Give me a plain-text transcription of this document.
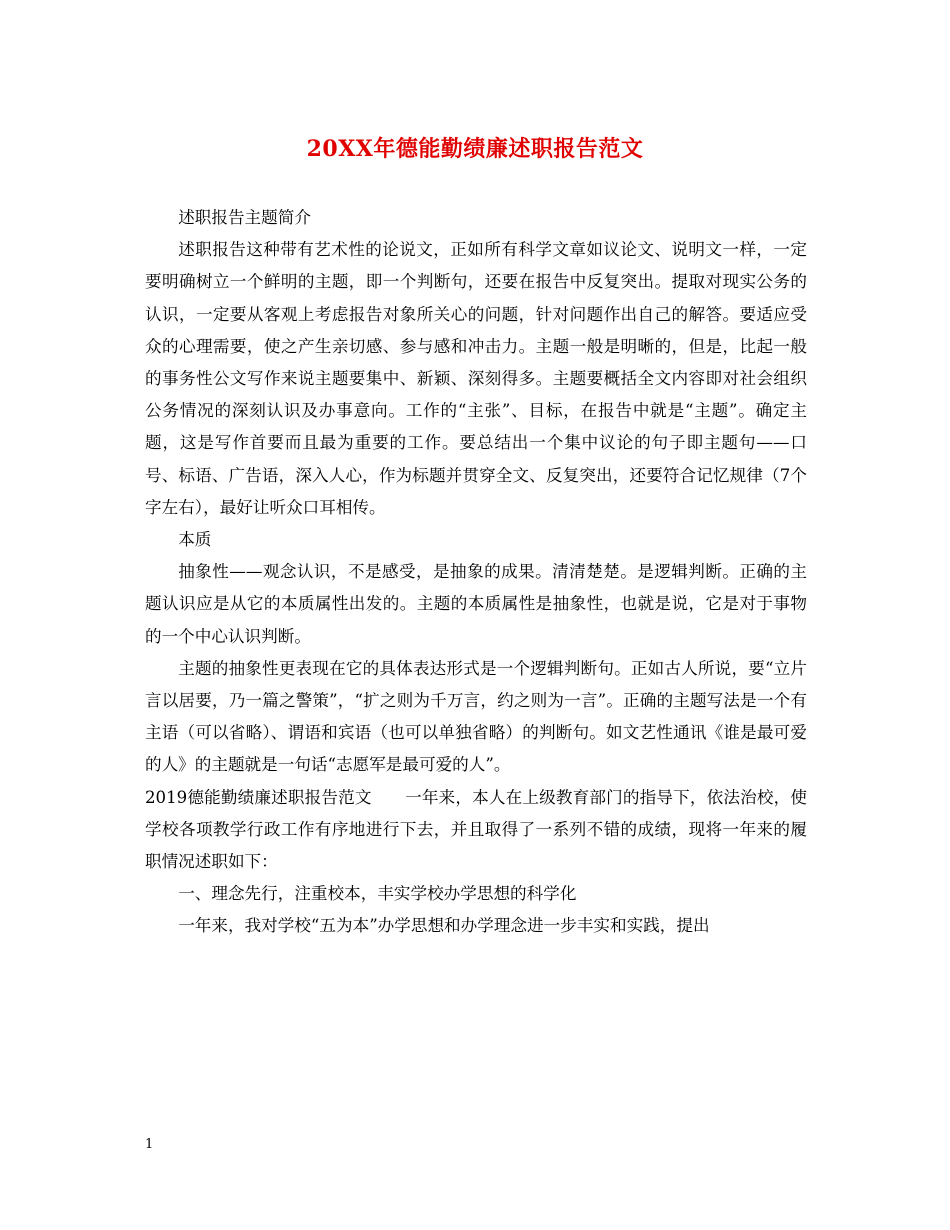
20XX年德能勤绩廉述职报告范文

述职报告主题简介

述职报告这种带有艺术性的论说文，正如所有科学文章如议论文、说明文一样，一定要明确树立一个鲜明的主题，即一个判断句，还要在报告中反复突出。提取对现实公务的认识，一定要从客观上考虑报告对象所关心的问题，针对问题作出自己的解答。要适应受众的心理需要，使之产生亲切感、参与感和冲击力。主题一般是明晰的，但是，比起一般的事务性公文写作来说主题要集中、新颖、深刻得多。主题要概括全文内容即对社会组织公务情况的深刻认识及办事意向。工作的“主张”、目标，在报告中就是“主题”。确定主题，这是写作首要而且最为重要的工作。要总结出一个集中议论的句子即主题句——口号、标语、广告语，深入人心，作为标题并贯穿全文、反复突出，还要符合记忆规律（7个字左右），最好让听众口耳相传。

本质

抽象性——观念认识，不是感受，是抽象的成果。清清楚楚。是逻辑判断。正确的主题认识应是从它的本质属性出发的。主题的本质属性是抽象性，也就是说，它是对于事物的一个中心认识判断。

主题的抽象性更表现在它的具体表达形式是一个逻辑判断句。正如古人所说，要“立片言以居要，乃一篇之警策”，“扩之则为千万言，约之则为一言”。正确的主题写法是一个有主语（可以省略）、谓语和宾语（也可以单独省略）的判断句。如文艺性通讯《谁是最可爱的人》的主题就是一句话“志愿军是最可爱的人”。

2019德能勤绩廉述职报告范文　　一年来，本人在上级教育部门的指导下，依法治校，使学校各项教学行政工作有序地进行下去，并且取得了一系列不错的成绩，现将一年来的履职情况述职如下：

一、理念先行，注重校本，丰实学校办学思想的科学化

一年来，我对学校“五为本”办学思想和办学理念进一步丰实和实践，提出

1
